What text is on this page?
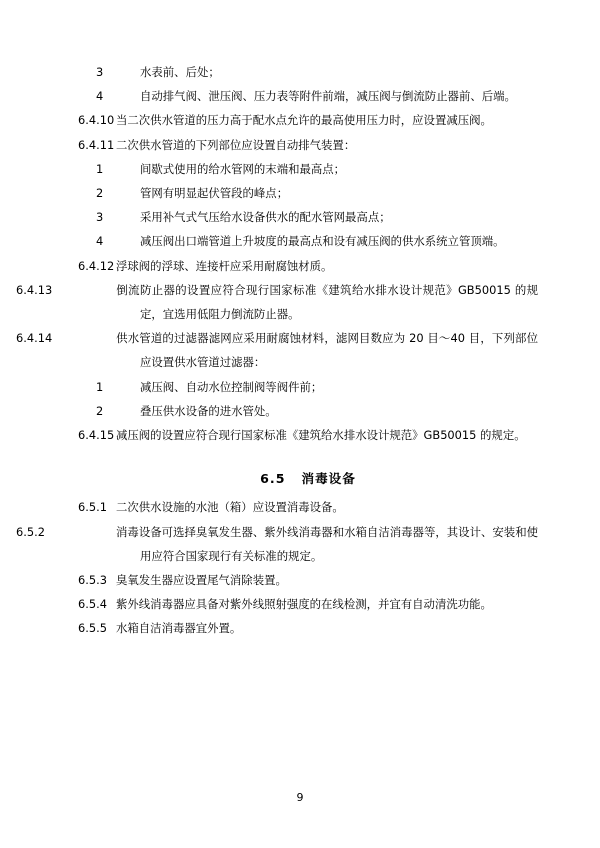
3	水表前、后处；
4	自动排气阀、泄压阀、压力表等附件前端，减压阀与倒流防止器前、后端。
6.4.10 当二次供水管道的压力高于配水点允许的最高使用压力时，应设置减压阀。
6.4.11 二次供水管道的下列部位应设置自动排气装置：
1	间歇式使用的给水管网的末端和最高点；
2	管网有明显起伏管段的峰点；
3	采用补气式气压给水设备供水的配水管网最高点；
4	减压阀出口端管道上升坡度的最高点和设有减压阀的供水系统立管顶端。
6.4.12 浮球阀的浮球、连接杆应采用耐腐蚀材质。
6.4.13	倒流防止器的设置应符合现行国家标准《建筑给水排水设计规范》GB50015 的规定，宜选用低阻力倒流防止器。
6.4.14	供水管道的过滤器滤网应采用耐腐蚀材料，滤网目数应为 20 目～40 目，下列部位应设置供水管道过滤器：
1	减压阀、自动水位控制阀等阀件前；
2	叠压供水设备的进水管处。
6.4.15 减压阀的设置应符合现行国家标准《建筑给水排水设计规范》GB50015 的规定。
6.5 消毒设备
6.5.1 二次供水设施的水池（箱）应设置消毒设备。
6.5.2	消毒设备可选择臭氧发生器、紫外线消毒器和水箱自洁消毒器等，其设计、安装和使用应符合国家现行有关标准的规定。
6.5.3 臭氧发生器应设置尾气消除装置。
6.5.4 紫外线消毒器应具备对紫外线照射强度的在线检测，并宜有自动清洗功能。
6.5.5 水箱自洁消毒器宜外置。
9
